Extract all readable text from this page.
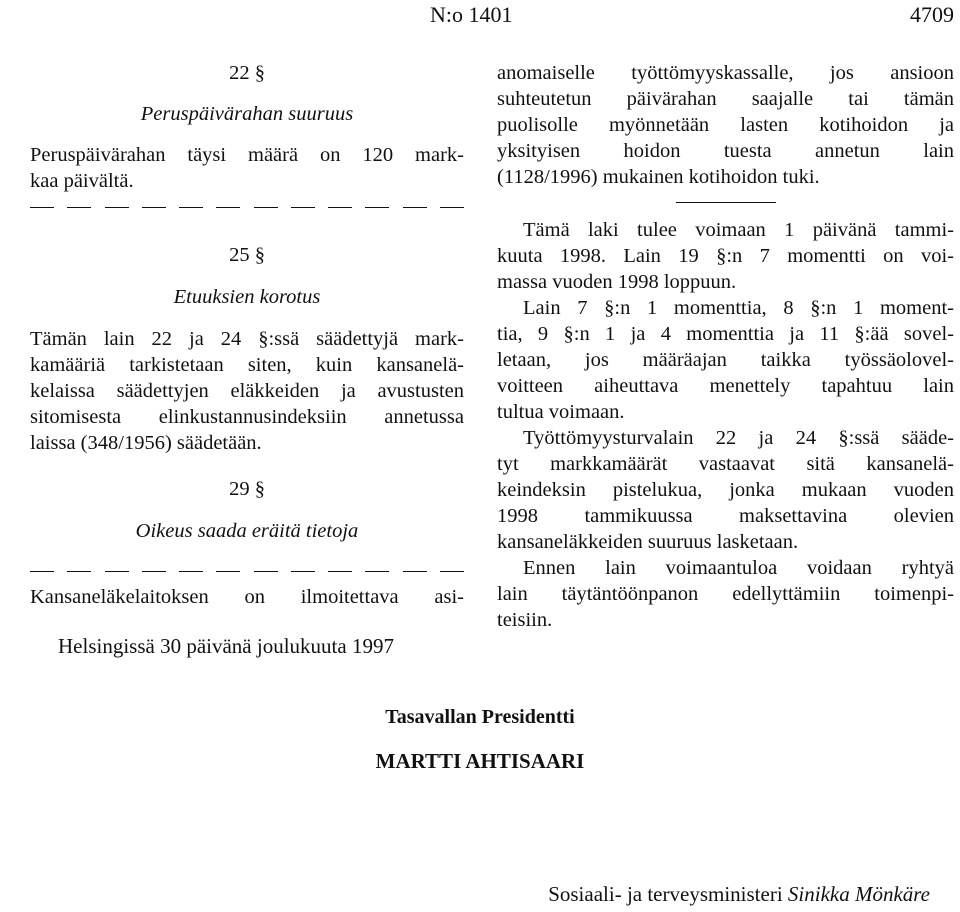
N:o 1401	4709

22 §

Peruspäivärahan suuruus

Peruspäivärahan täysi määrä on 120 mark-

kaa päivältä.

25 §

Etuuksien korotus

Tämän lain 22 ja 24 §:ssä säädettyjä mark-

kamääriä tarkistetaan siten, kuin kansanelä-

kelaissa säädettyjen eläkkeiden ja avustusten

sitomisesta elinkustannusindeksiin annetussa

laissa (348/1956) säädetään.

29 §

Oikeus saada eräitä tietoja

Kansaneläkelaitoksen on ilmoitettava asi-

anomaiselle työttömyyskassalle, jos ansioon

suhteutetun päivärahan saajalle tai tämän

puolisolle myönnetään lasten kotihoidon ja

yksityisen hoidon tuesta annetun lain

(1128/1996) mukainen kotihoidon tuki.

Tämä laki tulee voimaan 1 päivänä tammi-

kuuta 1998. Lain 19 §:n 7 momentti on voi-

massa vuoden 1998 loppuun.

Lain 7 §:n 1 momenttia, 8 §:n 1 moment-

tia, 9 §:n 1 ja 4 momenttia ja 11 §:ää sovel-

letaan, jos määräajan taikka työssäolovel-

voitteen aiheuttava menettely tapahtuu lain

tultua voimaan.

Työttömyysturvalain 22 ja 24 §:ssä sääde-

tyt markkamäärät vastaavat sitä kansanelä-

keindeksin pistelukua, jonka mukaan vuoden

1998 tammikuussa maksettavina olevien

kansaneläkkeiden suuruus lasketaan.

Ennen lain voimaantuloa voidaan ryhtyä

lain täytäntöönpanon edellyttämiin toimenpi-

teisiin.

Helsingissä 30 päivänä joulukuuta 1997
Tasavallan Presidentti
MARTTI AHTISAARI
Sosiaali- ja terveysministeri Sinikka Mönkäre
